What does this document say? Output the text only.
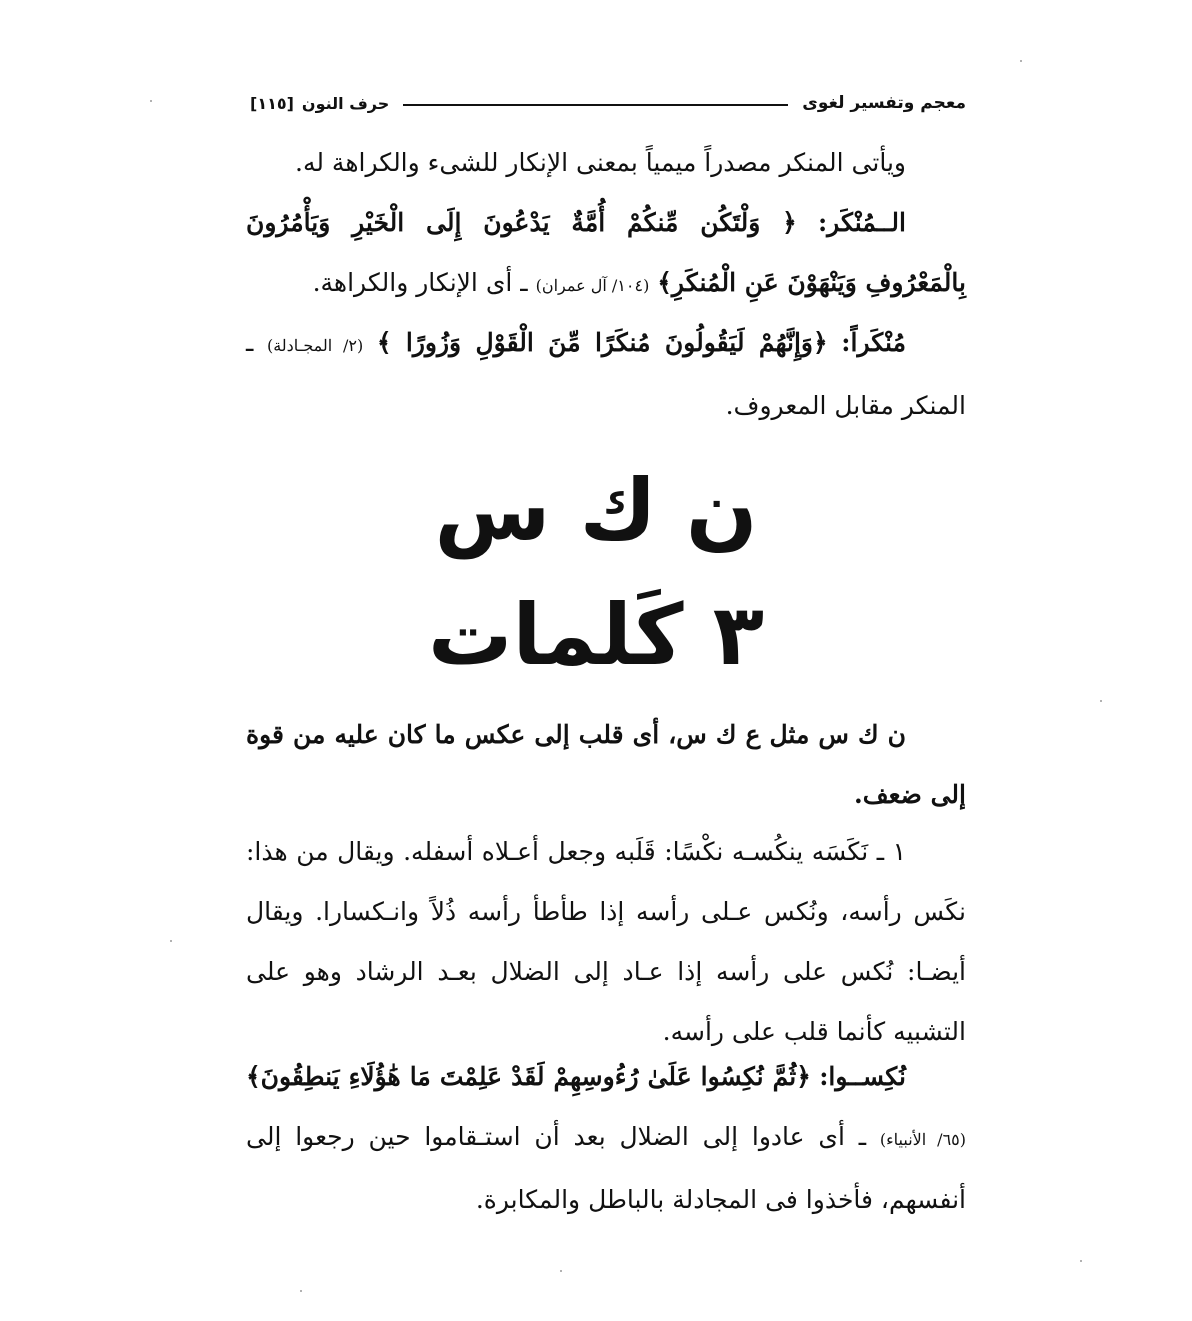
معجم وتفسير لغوى
حرف النون
[١١٥]
ويأتى المنكر مصدراً ميمياً بمعنى الإنكار للشىء والكراهة له.
الــمُنْكَر: ﴿ وَلْتَكُن مِّنكُمْ أُمَّةٌ يَدْعُونَ إِلَى الْخَيْرِ وَيَأْمُرُونَ بِالْمَعْرُوفِ وَيَنْهَوْنَ عَنِ الْمُنكَرِ﴾ (١٠٤/ آل عمران) ـ أى الإنكار والكراهة.
مُنْكَراً: ﴿وَإِنَّهُمْ لَيَقُولُونَ مُنكَرًا مِّنَ الْقَوْلِ وَزُورًا ﴾ (٢/ المجـادلة) ـ المنكر مقابل المعروف.
ن ك س
٣ كَلمات
ن ك س مثل ع ك س، أى قلب إلى عكس ما كان عليه من قوة إلى ضعف.
١ ـ نَكَسَه ينكُسـه نكْسًا: قَلَبه وجعل أعـلاه أسفله. ويقال من هذا: نكَس رأسه، ونُكس عـلى رأسه إذا طأطأ رأسه ذُلاً وانـكسارا. ويقال أيضـا: نُكس على رأسه إذا عـاد إلى الضلال بعـد الرشاد وهو على التشبيه كأنما قلب على رأسه.
نُكِســوا: ﴿ثُمَّ نُكِسُوا عَلَىٰ رُءُوسِهِمْ لَقَدْ عَلِمْتَ مَا هَٰؤُلَاءِ يَنطِقُونَ﴾ (٦٥/ الأنبياء) ـ أى عادوا إلى الضلال بعد أن استـقاموا حين رجعوا إلى أنفسهم، فأخذوا فى المجادلة بالباطل والمكابرة.
